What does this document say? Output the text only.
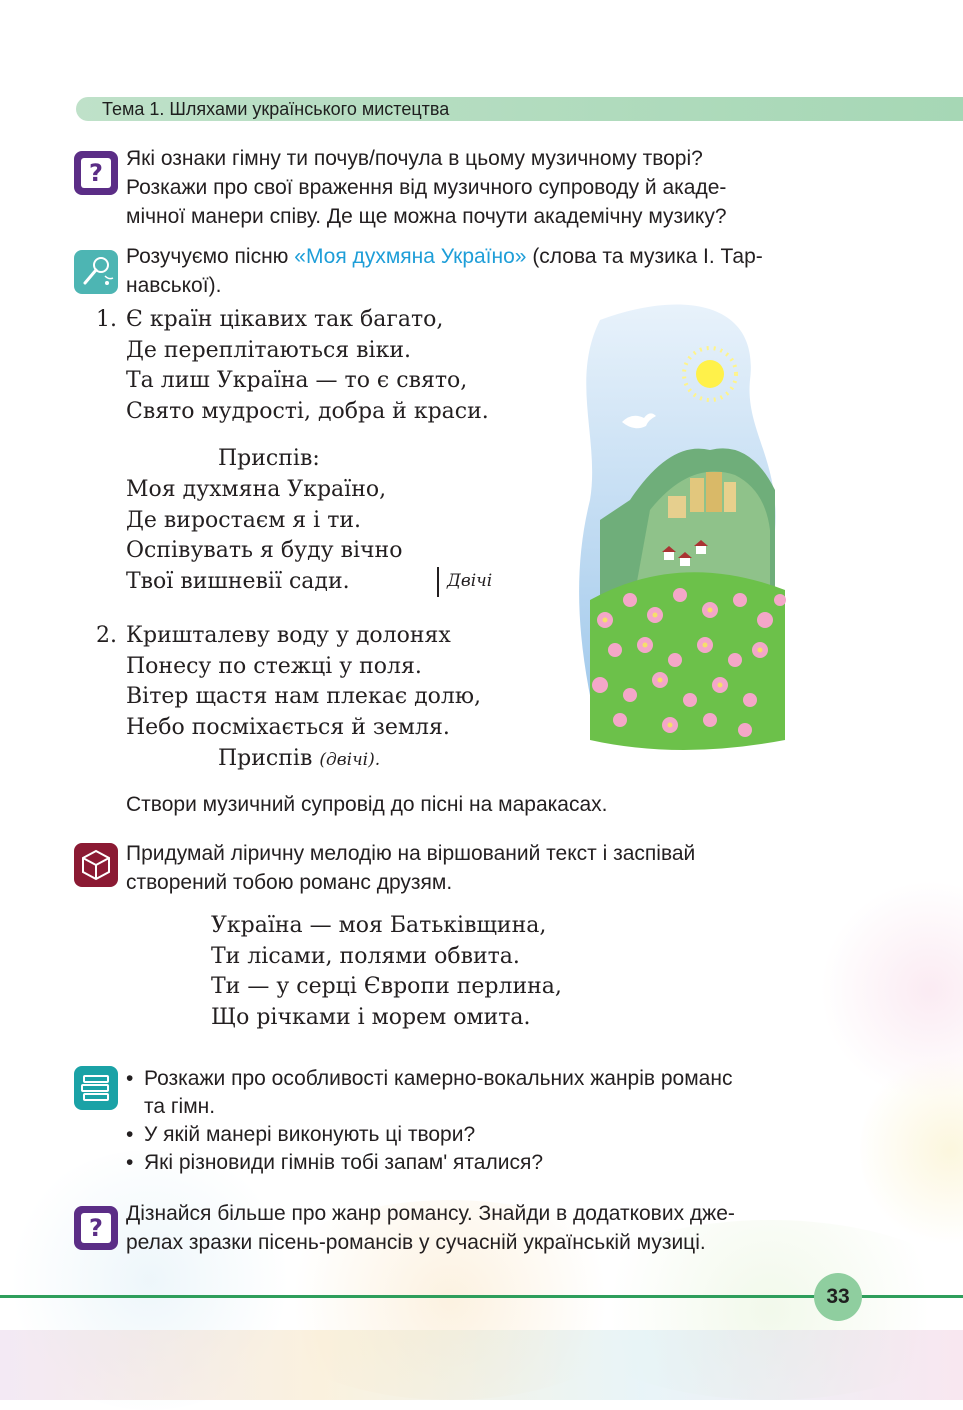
Тема 1. Шляхами українського мистецтва
?
Які ознаки гімну ти почув/почула в цьому музичному творі?
Розкажи про свої враження від музичного супроводу й акаде-
мічної манери співу. Де ще можна почути академічну музику?
Розучуємо пісню «Моя духмяна Україно» (слова та музика І. Тар-
навської).
1. Є країн цікавих так багато,
Де переплітаються віки.
Та лиш Україна — то є свято,
Свято мудрості, добра й краси.
Приспів:
Моя духмяна Україно,
Де виростаєм я і ти.
Оспівувать я буду вічно
Твої вишневії сади.	Двічі
2. Кришталеву воду у долонях
Понесу по стежці у поля.
Вітер щастя нам плекає долю,
Небо посміхається й земля.
Приспів (двічі).
Створи музичний супровід до пісні на маракасах.
Придумай ліричну мелодію на віршований текст і заспівай
створений тобою романс друзям.
Україна — моя Батьківщина,
Ти лісами, полями обвита.
Ти — у серці Європи перлина,
Що річками і морем омита.
• Розкажи про особливості камерно-вокальних жанрів романс
та гімн.
• У якій манері виконують ці твори?
• Які різновиди гімнів тобі запам' яталися?
?
Дізнайся більше про жанр романсу. Знайди в додаткових дже-
релах зразки пісень-романсів у сучасній українській музиці.
33
